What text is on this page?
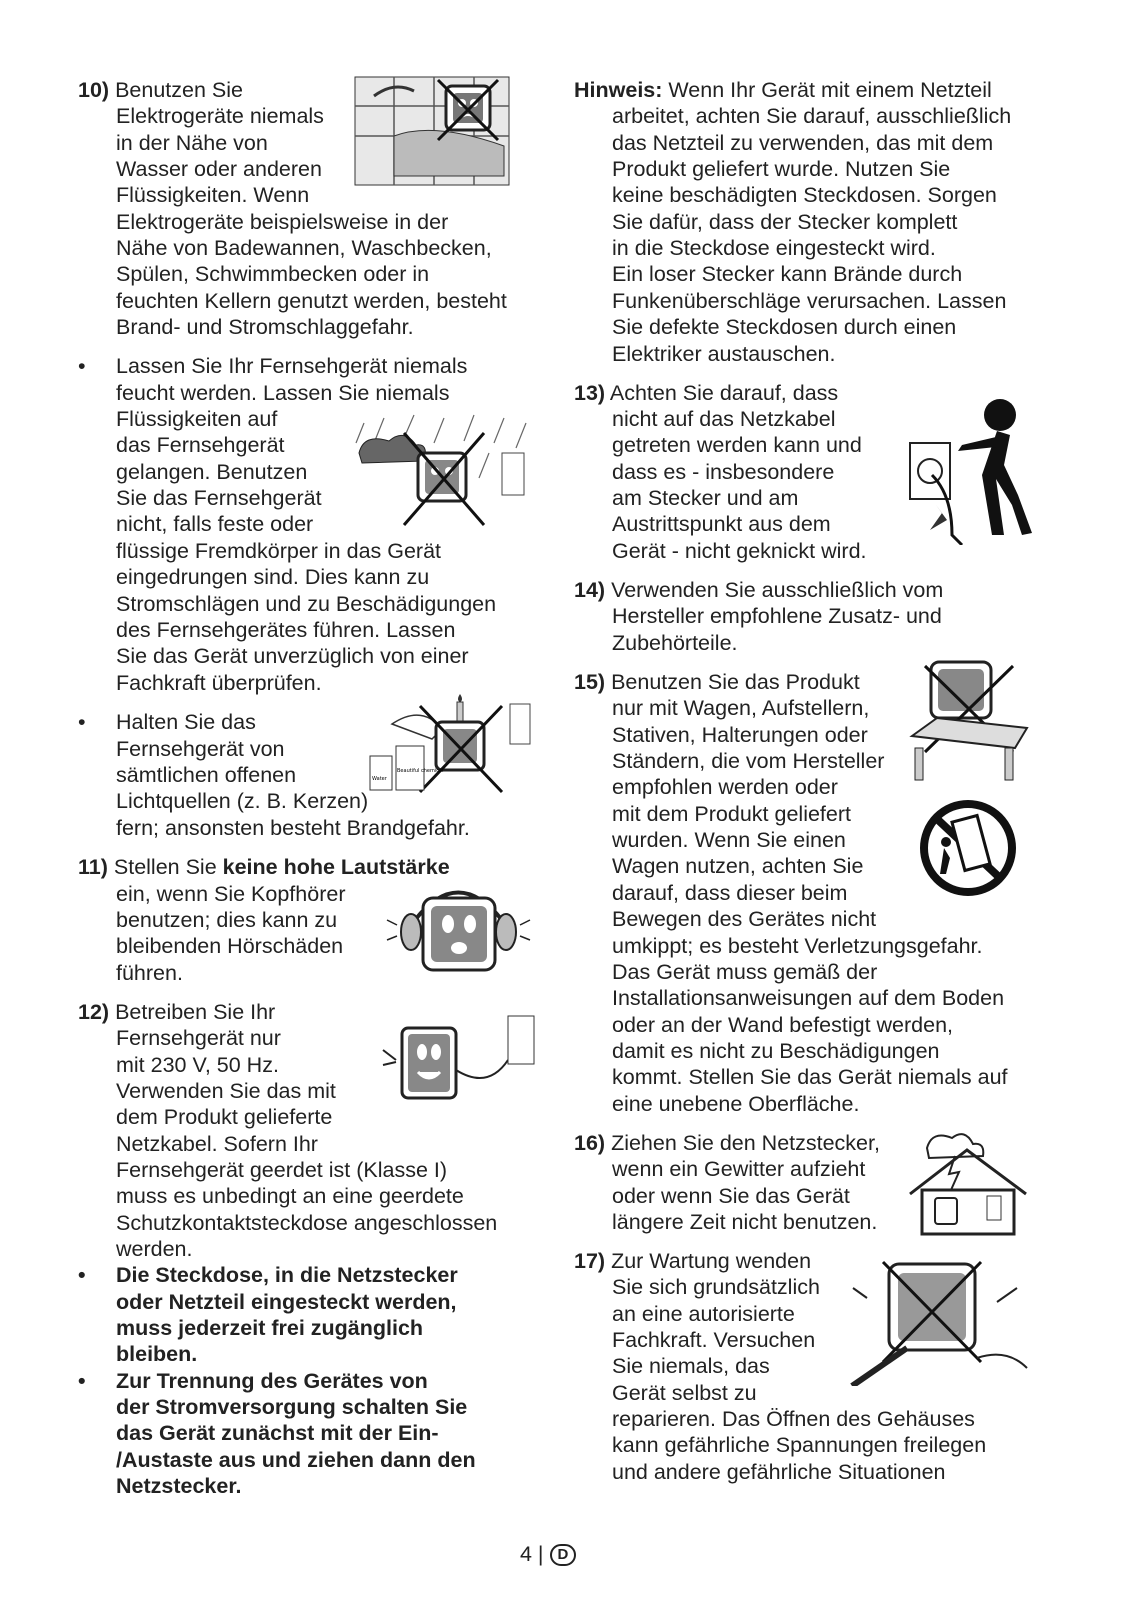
10) Benutzen Sie
Elektrogeräte niemals
in der Nähe von
Wasser oder anderen
Flüssigkeiten. Wenn
Elektrogeräte beispielsweise in der
Nähe von Badewannen, Waschbecken,
Spülen, Schwimmbecken oder in
feuchten Kellern genutzt werden, besteht
Brand- und Stromschlaggefahr.
• Lassen Sie Ihr Fernsehgerät niemals
feucht werden. Lassen Sie niemals
Flüssigkeiten auf
das Fernsehgerät
gelangen. Benutzen
Sie das Fernsehgerät
nicht, falls feste oder
flüssige Fremdkörper in das Gerät
eingedrungen sind. Dies kann zu
Stromschlägen und zu Beschädigungen
des Fernsehgerätes führen. Lassen
Sie das Gerät unverzüglich von einer
Fachkraft überprüfen.
• Halten Sie das
Fernsehgerät von
sämtlichen offenen
Lichtquellen (z. B. Kerzen)
fern; ansonsten besteht Brandgefahr.
11) Stellen Sie keine hohe Lautstärke
ein, wenn Sie Kopfhörer
benutzen; dies kann zu
bleibenden Hörschäden
führen.
12) Betreiben Sie Ihr
Fernsehgerät nur
mit 230 V, 50 Hz.
Verwenden Sie das mit
dem Produkt gelieferte
Netzkabel. Sofern Ihr
Fernsehgerät geerdet ist (Klasse I)
muss es unbedingt an eine geerdete
Schutzkontaktsteckdose angeschlossen
werden.
• Die Steckdose, in die Netzstecker
oder Netzteil eingesteckt werden,
muss jederzeit frei zugänglich
bleiben.
• Zur Trennung des Gerätes von
der Stromversorgung schalten Sie
das Gerät zunächst mit der Ein-
/Austaste aus und ziehen dann den
Netzstecker.
Hinweis: Wenn Ihr Gerät mit einem Netzteil
arbeitet, achten Sie darauf, ausschließlich
das Netzteil zu verwenden, das mit dem
Produkt geliefert wurde. Nutzen Sie
keine beschädigten Steckdosen. Sorgen
Sie dafür, dass der Stecker komplett
in die Steckdose eingesteckt wird.
Ein loser Stecker kann Brände durch
Funkenüberschläge verursachen. Lassen
Sie defekte Steckdosen durch einen
Elektriker austauschen.
13) Achten Sie darauf, dass
nicht auf das Netzkabel
getreten werden kann und
dass es - insbesondere
am Stecker und am
Austrittspunkt aus dem
Gerät - nicht geknickt wird.
14) Verwenden Sie ausschließlich vom
Hersteller empfohlene Zusatz- und
Zubehörteile.
15) Benutzen Sie das Produkt
nur mit Wagen, Aufstellern,
Stativen, Halterungen oder
Ständern, die vom Hersteller
empfohlen werden oder
mit dem Produkt geliefert
wurden. Wenn Sie einen
Wagen nutzen, achten Sie
darauf, dass dieser beim
Bewegen des Gerätes nicht
umkippt; es besteht Verletzungsgefahr.
Das Gerät muss gemäß der
Installationsanweisungen auf dem Boden
oder an der Wand befestigt werden,
damit es nicht zu Beschädigungen
kommt. Stellen Sie das Gerät niemals auf
eine unebene Oberfläche.
16) Ziehen Sie den Netzstecker,
wenn ein Gewitter aufzieht
oder wenn Sie das Gerät
längere Zeit nicht benutzen.
17) Zur Wartung wenden
Sie sich grundsätzlich
an eine autorisierte
Fachkraft. Versuchen
Sie niemals, das
Gerät selbst zu
reparieren. Das Öffnen des Gehäuses
kann gefährliche Spannungen freilegen
und andere gefährliche Situationen
Water
Beautiful chemical
4 | D
